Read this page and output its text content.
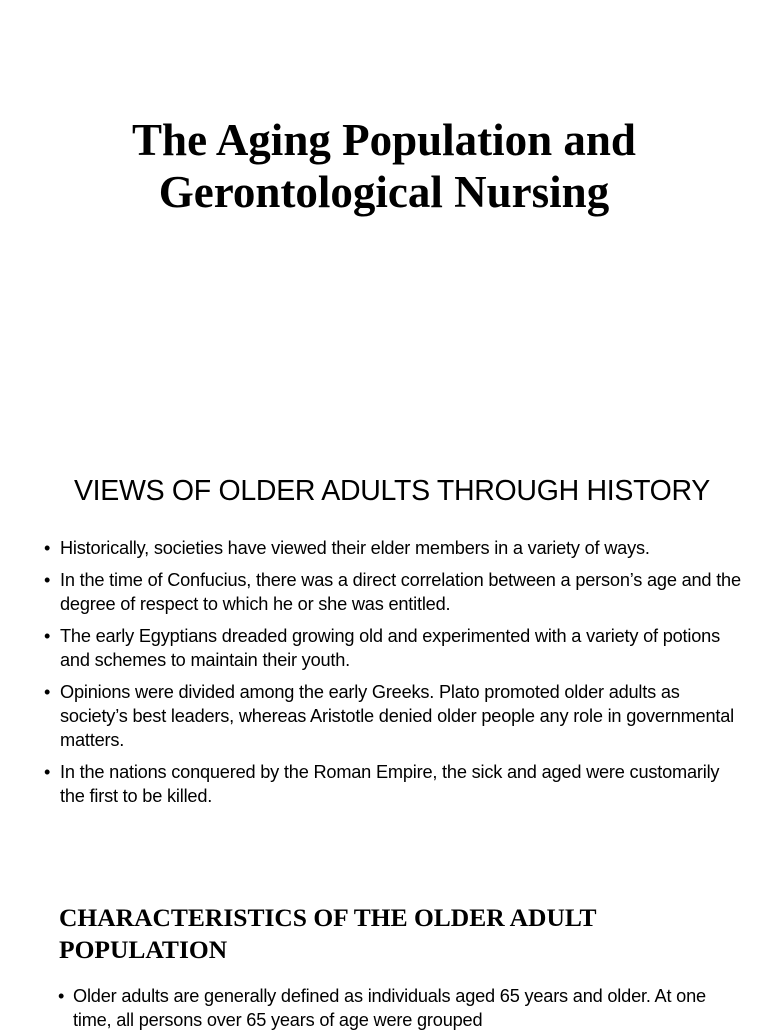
The Aging Population and
Gerontological Nursing
VIEWS OF OLDER ADULTS THROUGH HISTORY
• Historically, societies have viewed their elder members in a variety of ways.
• In the time of Confucius, there was a direct correlation between a person’s age and the degree of respect to which he or she was entitled.
• The early Egyptians dreaded growing old and experimented with a variety of potions and schemes to maintain their youth.
• Opinions were divided among the early Greeks. Plato promoted older adults as society’s best leaders, whereas Aristotle denied older people any role in governmental matters.
• In the nations conquered by the Roman Empire, the sick and aged were customarily the first to be killed.
CHARACTERISTICS OF THE OLDER ADULT
POPULATION
• Older adults are generally defined as individuals aged 65 years and older. At one time, all persons over 65 years of age were grouped
